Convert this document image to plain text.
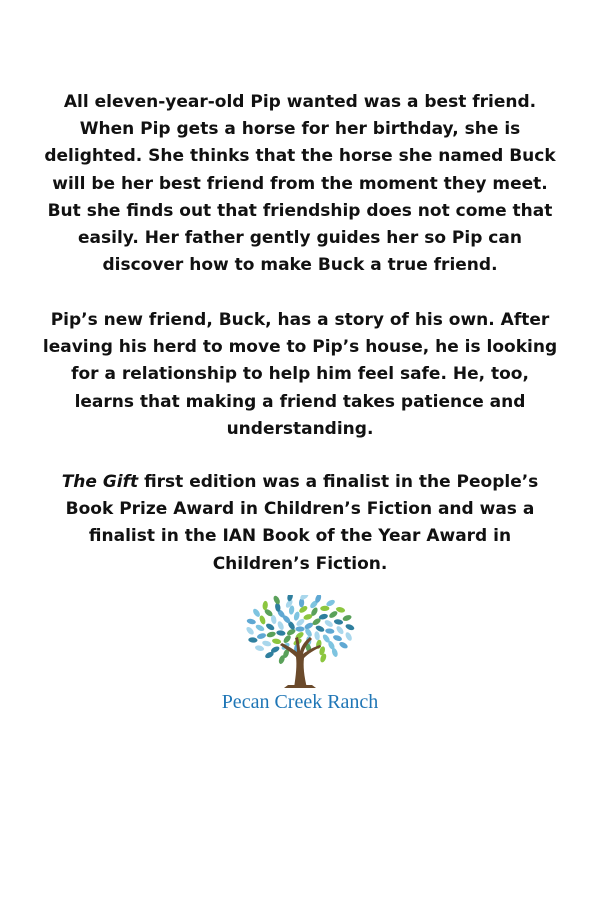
All eleven-year-old Pip wanted was a best friend. When Pip gets a horse for her birthday, she is delighted. She thinks that the horse she named Buck will be her best friend from the moment they meet. But she finds out that friendship does not come that easily. Her father gently guides her so Pip can discover how to make Buck a true friend.

Pip’s new friend, Buck, has a story of his own. After leaving his herd to move to Pip’s house, he is looking for a relationship to help him feel safe. He, too, learns that making a friend takes patience and understanding.

The Gift first edition was a finalist in the People’s Book Prize Award in Children’s Fiction and was a finalist in the IAN Book of the Year Award in Children’s Fiction.

Pecan Creek Ranch
